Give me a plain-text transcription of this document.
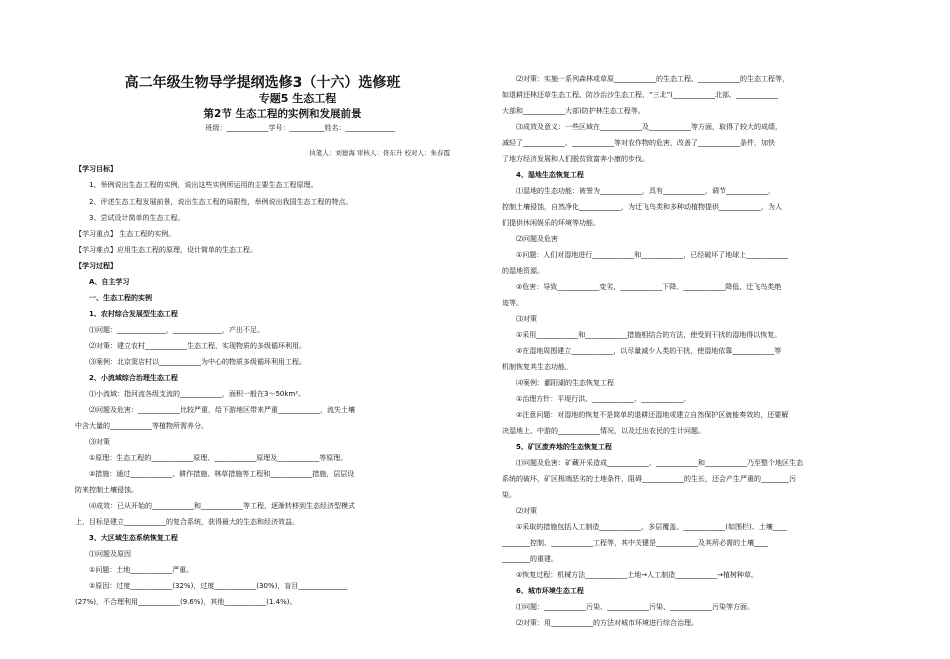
高二年级生物导学提纲选修3（十六）选修班

专题5 生态工程

第2节 生态工程的实例和发展前景

班级：____________学号：__________姓名：______________

执笔人：刘德海 审核人：佟东升 校对人：朱春霞

【学习目标】
1、举例说出生态工程的实例，说出这些实例所运用的主要生态工程原理。
2、评述生态工程发展前景，说出生态工程的局限性，举例说出我国生态工程的特点。
3、尝试设计简单的生态工程。
【学习重点】 生态工程的实例。
【学习难点】应用生态工程的原理，设计简单的生态工程。
【学习过程】
A、自主学习
一、生态工程的实例
1、农村综合发展型生态工程
⑴问题：______________，______________，产出不足。
⑵对策：建立农村____________生态工程，实现物质的多级循环利用。
⑶案例：北京窦店村以____________为中心的物质多级循环利用工程。
2、小流域综合治理生态工程
⑴小流域：指河流各级支流的____________，面积一般在3～50km²。
⑵问题及危害：____________比较严重，给下游地区带来严重____________，流失土壤
中含大量的____________等植物所需养分。
⑶对策
①原理：生态工程的____________原理、____________原理及____________等原理。
②措施：通过____________、耕作措施、林草措施等工程和____________措施，层层设
防来控制土壤侵蚀。
⑷成效：已从开始的____________和____________等工程，逐渐转移到生态经济型模式
上，目标是建立____________的复合系统，获得最大的生态和经济效益。
3、大区域生态系统恢复工程
⑴问题及原因
①问题：土地____________严重。
②原因：过度____________(32%)，过度____________(30%)，盲目______________
(27%)，不合理利用____________(9.6%)，其他____________(1.4%)。
⑵对策：实施一系列森林或草原____________的生态工程、____________的生态工程等，
如退耕还林还草生态工程、防沙治沙生态工程、“三北”(____________北部、____________
大部和____________大部)防护林生态工程等。
⑶成效及意义：一些区域在____________及____________等方面，取得了较大的成绩，
减轻了____________、____________等对农作物的危害，改善了____________条件，加快
了地方经济发展和人们脱贫致富奔小康的步伐。
4、湿地生态恢复工程
⑴湿地的生态功能：被誉为____________，具有____________，调节____________，
控制土壤侵蚀，自然净化____________，为迁飞鸟类和多种动植物提供____________，为人
们提供休闲娱乐的环境等功能。
⑵问题及危害
①问题：人们对湿地进行____________和____________，已经破坏了地球上____________
的湿地资源。
②危害：导致____________变劣、____________下降、____________降低、迁飞鸟类绝
迹等。
⑶对策
①采用____________和____________措施相结合的方法，使受到干扰的湿地得以恢复。
②在湿地周围建立____________，以尽量减少人类的干扰，使湿地依靠____________等
机制恢复其生态功能。
⑷案例：鄱阳湖的生态恢复工程
①治理方针：平堤行洪、____________、____________。
②注意问题：对湿地的恢复不是简单的退耕还湿地或建立自然保护区就能奏效的，还要解
决湿地上、中游的____________情况，以及迁出农民的生计问题。
5、矿区废弃地的生态恢复工程
⑴问题及危害：矿藏开采造成____________、____________和____________乃至整个地区生态
系统的破坏，矿区极端恶劣的土地条件，阻碍____________的生长，还会产生严重的________污
染。
⑵对策
①采取的措施包括人工制造____________、多层覆盖、____________(如围栏)、土壤____
________控制、____________工程等，其中关键是____________及其所必需的土壤____
________的重建。
②恢复过程：机械方法____________土地→人工制造____________→植树种草。
6、城市环境生态工程
⑴问题：____________污染、____________污染、____________污染等方面。
⑵对策：用____________的方法对城市环境进行综合治理。
